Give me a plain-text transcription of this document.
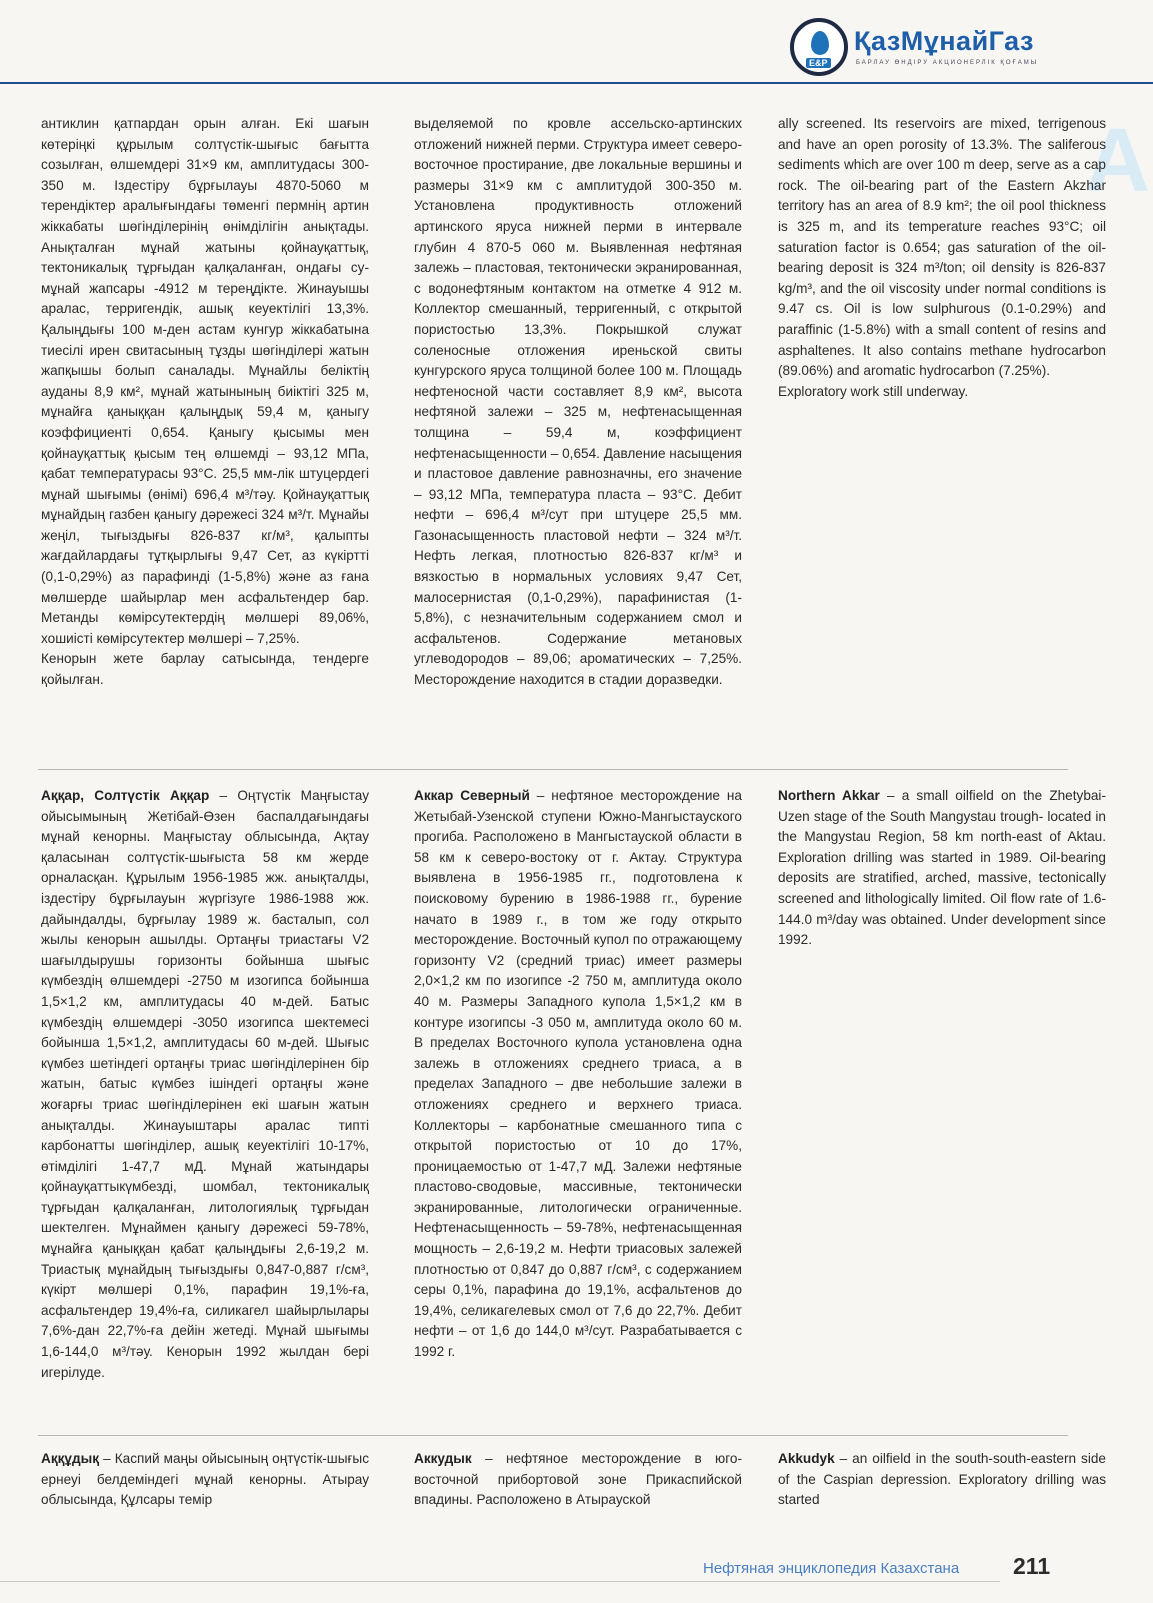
E&P
ҚазМұнайГаз
БАРЛАУ ӨНДІРУ АКЦИОНЕРЛІК ҚОҒАМЫ
A

антиклин қатпардан орын алған. Екі шағын көтеріңкі құрылым солтүстік-шығыс бағытта созылған, өлшемдері 31×9 км, амплитудасы 300-350 м. Іздестіру бұрғылауы 4870-5060 м терендіктер аралығындағы төменгі пермнің артин жіккабаты шөгінділерінің өнімділігін анықтады. Анықталған мұнай жатыны қойнауқаттық, тектоникалық тұрғыдан қалқаланған, ондағы су-мұнай жапсары -4912 м тереңдікте. Жинауышы аралас, терригендік, ашық кеуектілігі 13,3%. Қалыңдығы 100 м-ден астам кунгур жіккабатына тиесілі ирен свитасының тұзды шөгінділері жатын жапқышы болып саналады. Мұнайлы беліктің ауданы 8,9 км², мұнай жатынының биіктігі 325 м, мұнайға қаныққан қалыңдық 59,4 м, қаныгу коэффициенті 0,654. Қаныгу қысымы мен қойнауқаттық қысым тең өлшемді – 93,12 МПа, қабат температурасы 93°С. 25,5 мм-лік штуцердегі мұнай шығымы (өнімі) 696,4 м³/тәу. Қойнауқаттық мұнайдың газбен қаныгу дәрежесі 324 м³/т. Мұнайы жеңіл, тығыздығы 826-837 кг/м³, қалыпты жағдайлардағы тұтқырлығы 9,47 Сет, аз күкіртті (0,1-0,29%) аз парафинді (1-5,8%) және аз ғана мөлшерде шайырлар мен асфальтендер бар. Метанды көмірсутектердің мөлшері 89,06%, хошиісті көмірсутектер мөлшері – 7,25%.

Кенорын жете барлау сатысында, тендерге қойылған.

выделяемой по кровле ассельско-артинских отложений нижней перми. Структура имеет северо-восточное простирание, две локальные вершины и размеры 31×9 км с амплитудой 300-350 м. Установлена продуктивность отложений артинского яруса нижней перми в интервале глубин 4 870-5 060 м. Выявленная нефтяная залежь – пластовая, тектонически экранированная, с водонефтяным контактом на отметке 4 912 м. Коллектор смешанный, терригенный, с открытой пористостью 13,3%. Покрышкой служат соленосные отложения иреньской свиты кунгурского яруса толщиной более 100 м. Площадь нефтеносной части составляет 8,9 км², высота нефтяной залежи – 325 м, нефтенасыщенная толщина – 59,4 м, коэффициент нефтенасыщенности – 0,654. Давление насыщения и пластовое давление равнозначны, его значение – 93,12 МПа, температура пласта – 93°С. Дебит нефти – 696,4 м³/сут при штуцере 25,5 мм. Газонасыщенность пластовой нефти – 324 м³/т. Нефть легкая, плотностью 826-837 кг/м³ и вязкостью в нормальных условиях 9,47 Сет, малосернистая (0,1-0,29%), парафинистая (1-5,8%), с незначительным содержанием смол и асфальтенов. Содержание метановых углеводородов – 89,06; ароматических – 7,25%. Месторождение находится в стадии доразведки.

ally screened. Its reservoirs are mixed, terrigenous and have an open porosity of 13.3%. The saliferous sediments which are over 100 m deep, serve as a cap rock. The oil-bearing part of the Eastern Akzhar territory has an area of 8.9 km²; the oil pool thickness is 325 m, and its temperature reaches 93°C; oil saturation factor is 0.654; gas saturation of the oil-bearing deposit is 324 m³/ton; oil density is 826-837 kg/m³, and the oil viscosity under normal conditions is 9.47 cs. Oil is low sulphurous (0.1-0.29%) and paraffinic (1-5.8%) with a small content of resins and asphaltenes. It also contains methane hydrocarbon (89.06%) and aromatic hydrocarbon (7.25%).

Exploratory work still underway.

Аққар, Солтүстік Аққар – Оңтүстік Маңғыстау ойысымының Жетібай-Өзен баспалдағындағы мұнай кенорны. Маңғыстау облысында, Ақтау қаласынан солтүстік-шығыста 58 км жерде орналасқан. Құрылым 1956-1985 жж. анықталды, іздестіру бұрғылауын жүргізуге 1986-1988 жж. дайындалды, бұрғылау 1989 ж. басталып, сол жылы кенорын ашылды. Ортаңғы триастағы V2 шағылдырушы горизонты бойынша шығыс күмбездің өлшемдері -2750 м изогипса бойынша 1,5×1,2 км, амплитудасы 40 м-дей. Батыс күмбездің өлшемдері -3050 изогипса шектемесі бойынша 1,5×1,2, амплитудасы 60 м-дей. Шығыс күмбез шетіндегі ортаңғы триас шөгінділерінен бір жатын, батыс күмбез ішіндегі ортаңғы және жоғарғы триас шөгінділерінен екі шағын жатын анықталды. Жинауыштары аралас типті карбонатты шөгінділер, ашық кеуектілігі 10-17%, өтімділігі 1-47,7 мД. Мұнай жатындары қойнауқаттыкүмбезді, шомбал, тектоникалық тұрғыдан қалқаланған, литологиялық тұрғыдан шектелген. Мұнаймен қаныгу дәрежесі 59-78%, мұнайға қаныққан қабат қалыңдығы 2,6-19,2 м. Триастық мұнайдың тығыздығы 0,847-0,887 г/см³, күкірт мөлшері 0,1%, парафин 19,1%-ға, асфальтендер 19,4%-ға, силикагел шайырлылары 7,6%-дан 22,7%-ға дейін жетеді. Мұнай шығымы 1,6-144,0 м³/тәу. Кенорын 1992 жылдан бері игерілуде.

Аккар Северный – нефтяное месторождение на Жетыбай-Узенской ступени Южно-Мангыстауского прогиба. Расположено в Мангыстауской области в 58 км к северо-востоку от г. Актау. Структура выявлена в 1956-1985 гг., подготовлена к поисковому бурению в 1986-1988 гг., бурение начато в 1989 г., в том же году открыто месторождение. Восточный купол по отражающему горизонту V2 (средний триас) имеет размеры 2,0×1,2 км по изогипсе -2 750 м, амплитуда около 40 м. Размеры Западного купола 1,5×1,2 км в контуре изогипсы -3 050 м, амплитуда около 60 м. В пределах Восточного купола установлена одна залежь в отложениях среднего триаса, а в пределах Западного – две небольшие залежи в отложениях среднего и верхнего триаса. Коллекторы – карбонатные смешанного типа с открытой пористостью от 10 до 17%, проницаемостью от 1-47,7 мД. Залежи нефтяные пластово-сводовые, массивные, тектонически экранированные, литологически ограниченные. Нефтенасыщенность – 59-78%, нефтенасыщенная мощность – 2,6-19,2 м. Нефти триасовых залежей плотностью от 0,847 до 0,887 г/см³, с содержанием серы 0,1%, парафина до 19,1%, асфальтенов до 19,4%, селикагелевых смол от 7,6 до 22,7%. Дебит нефти – от 1,6 до 144,0 м³/сут. Разрабатывается с 1992 г.

Northern Akkar – a small oilfield on the Zhetybai-Uzen stage of the South Mangystau trough- located in the Mangystau Region, 58 km north-east of Aktau. Exploration drilling was started in 1989. Oil-bearing deposits are stratified, arched, massive, tectonically screened and lithologically limited. Oil flow rate of 1.6-144.0 m³/day was obtained. Under development since 1992.

Аққұдық – Каспий маңы ойысының оңтүстік-шығыс ернеуі белдеміндегі мұнай кенорны. Атырау облысында, Құлсары темір

Аккудык – нефтяное месторождение в юго-восточной прибортовой зоне Прикаспийской впадины. Расположено в Атырауской

Akkudyk – an oilfield in the south-south-eastern side of the Caspian depression. Exploratory drilling was started

Нефтяная энциклопедия Казахстана 211
